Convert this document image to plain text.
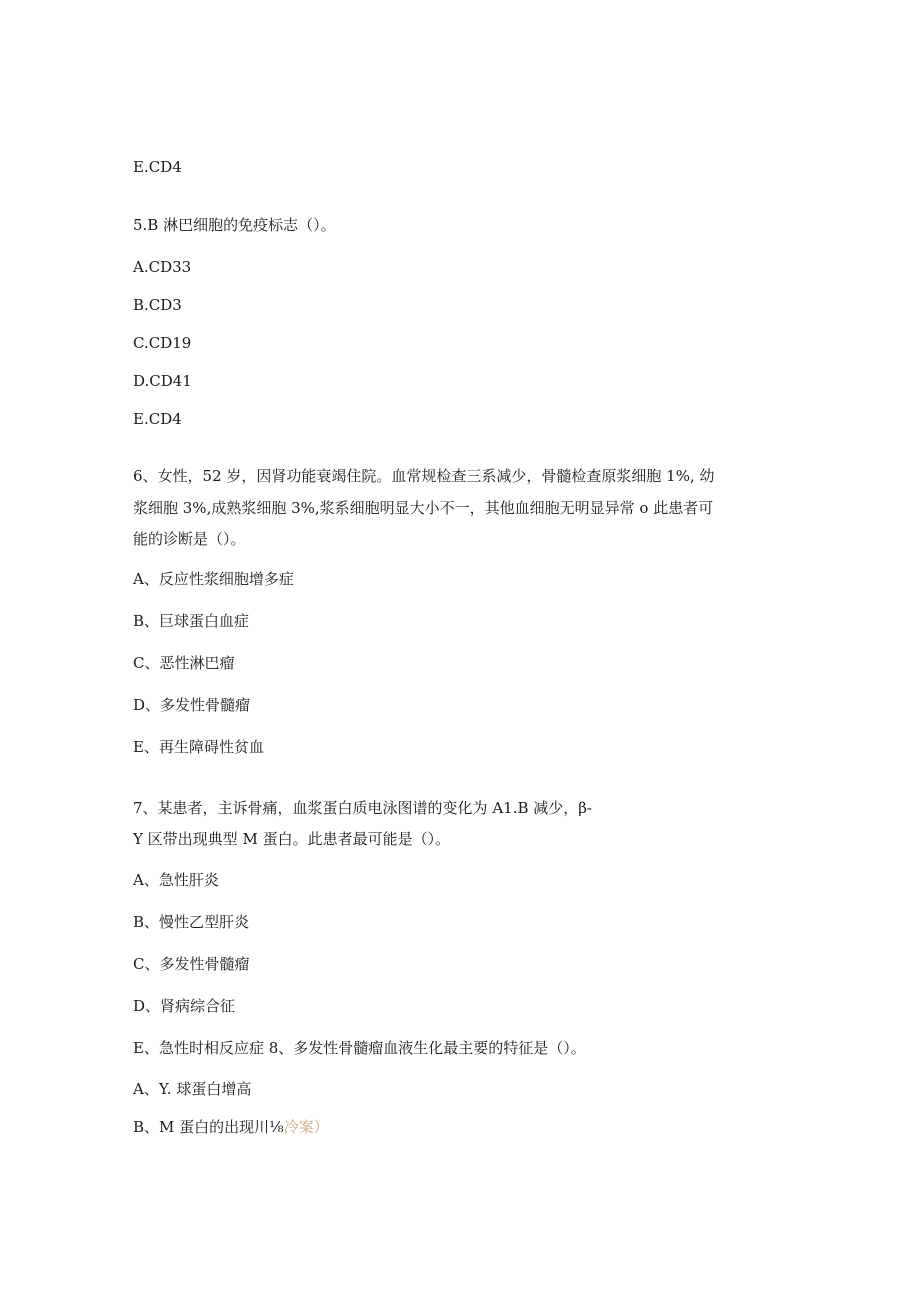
E.CD4
5.B 淋巴细胞的免疫标志（）。
A.CD33
B.CD3
C.CD19
D.CD41
E.CD4
6、女性，52 岁，因肾功能衰竭住院。血常规检查三系减少，骨髓检查原浆细胞 1%, 幼
浆细胞 3%,成熟浆细胞 3%,浆系细胞明显大小不一，其他血细胞无明显异常 o 此患者可
能的诊断是（）。
A、反应性浆细胞增多症
B、巨球蛋白血症
C、恶性淋巴瘤
D、多发性骨髓瘤
E、再生障碍性贫血
7、某患者，主诉骨痛，血浆蛋白质电泳图谱的变化为 A1.B 减少，β-
Y 区带出现典型 M 蛋白。此患者最可能是（）。
A、急性肝炎
B、慢性乙型肝炎
C、多发性骨髓瘤
D、肾病综合征
E、急性时相反应症 8、多发性骨髓瘤血液生化最主要的特征是（）。
A、Y. 球蛋白增高
B、M 蛋白的出现川⅛冷案）
